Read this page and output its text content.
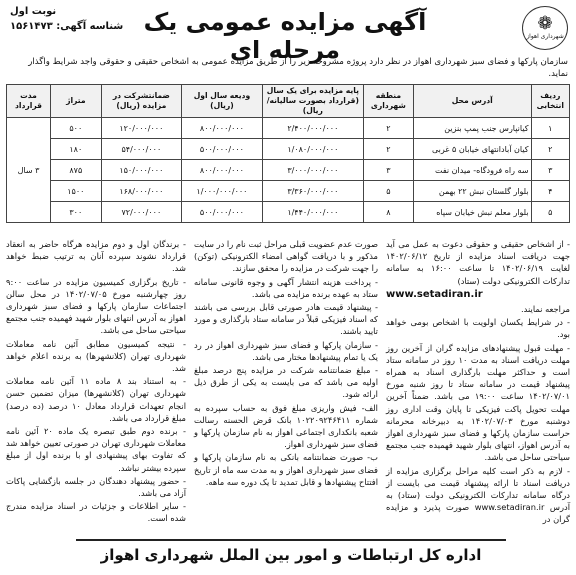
❁
شهرداری اهواز
آگهی مزایده عمومی یک مرحله ای
نوبت اول
شناسه آگهی: ۱۵۶۱۴۷۳
سازمان پارکها و فضای سبز شهرداری اهواز در نظر دارد پروژه مشروحه زیر را از طریق مزایده عمومی به اشخاص حقیقی و حقوقی واجد شرایط واگذار نماید.
ردیف انتخابی	آدرس محل	منطقه شهرداری	پایه مزایده برای یک سال (قرارداد بصورت سالیانه/ ریال)	ودیعه سال اول (ریال)	ضمانتشرکت در مزایده (ریال)	متراژ	مدت قرارداد
۱	کیانپارس جنب پمپ بنزین	۲	۲/۴۰۰/۰۰۰/۰۰۰	۸۰۰/۰۰۰/۰۰۰	۱۲۰/۰۰۰/۰۰۰	۵۰۰	۳ سال
۲	کیان آبادانتهای خیابان ۵ غربی	۲	۱/۰۸۰/۰۰۰/۰۰۰	۵۰۰/۰۰۰/۰۰۰	۵۴/۰۰۰/۰۰۰	۱۸۰	
۳	سه راه فرودگاه- میدان نفت	۳	۳/۰۰۰/۰۰۰/۰۰۰	۸۰۰/۰۰۰/۰۰۰	۱۵۰/۰۰۰/۰۰۰	۸۷۵	
۴	بلوار گلستان نبش ۲۲ بهمن	۵	۳/۳۶۰/۰۰۰/۰۰۰	۱/۰۰۰/۰۰۰/۰۰۰	۱۶۸/۰۰۰/۰۰۰	۱۵۰۰	
۵	بلوار معلم نبش خیابان سپاه	۸	۱/۴۴۰/۰۰۰/۰۰۰	۵۰۰/۰۰۰/۰۰۰	۷۲/۰۰۰/۰۰۰	۳۰۰	

- از اشخاص حقیقی و حقوقی دعوت به عمل می آید جهت دریافت اسناد مزایده از تاریخ ۱۴۰۲/۰۶/۱۲ لغایت ۱۴۰۲/۰۶/۱۹ تا ساعت ۱۶:۰۰ به سامانه تدارکات الکترونیکی دولت (ستاد)

www.setadiran.ir

مراجعه نمایند.

- در شرایط یکسان اولویت با اشخاص بومی خواهد بود.

- مهلت قبول پیشنهادهای مزایده گران از آخرین روز مهلت دریافت اسناد به مدت ۱۰ روز در سامانه ستاد است و حداکثر مهلت بارگذاری اسناد به همراه پیشنهاد قیمت در سامانه ستاد تا روز شنبه مورخ ۱۴۰۲/۰۷/۰۱ ساعت ۱۹:۰۰ می باشد. ضمناً آخرین مهلت تحویل پاکت فیزیکی تا پایان وقت اداری روز دوشنبه مورخ ۱۴۰۲/۰۷/۰۳ به دبیرخانه محرمانه حراست سازمان پارکها و فضای سبز شهرداری اهواز به آدرس اهواز، انتهای بلوار شهید فهمیده جنب مجتمع سیاحتی ساحل می باشد.

- لازم به ذکر است کلیه مراحل برگزاری مزایده از دریافت اسناد تا ارائه پیشنهاد قیمت می بایست از درگاه سامانه تدارکات الکترونیکی دولت (ستاد) به آدرس www.setadiran.ir صورت پذیرد و مزایده گران در

صورت عدم عضویت قبلی مراحل ثبت نام را در سایت مذکور و با دریافت گواهی امضاء الکترونیکی (توکن) را جهت شرکت در مزایده را محقق سازند.

- پرداخت هزینه انتشار آگهی و وجوه قانونی سامانه ستاد به عهده برنده مزایده می باشد.

- پیشنهاد قیمت هادر صورتی قابل بررسی می باشند که اسناد فیزیکی قبلاً در سامانه ستاد بارگذاری و مورد تایید باشند.

- سازمان پارکها و فضای سبز شهرداری اهواز در رد یک یا تمام پیشنهادها مختار می باشد.

- مبلغ ضمانتنامه شرکت در مزایده پنج درصد مبلغ اولیه می باشد که می بایست به یکی از طرق ذیل ارائه شود.

الف- فیش واریزی مبلغ فوق به حساب سپرده به شماره ۱۰۲۲۰۹۲۴۶۴۱۱ بانک قرض الحسنه رسالت شعبه بانکداری اجتماعی اهواز به نام سازمان پارکها و فضای سبز شهرداری اهواز.

ب- صورت ضمانتنامه بانکی به نام سازمان پارکها و فضای سبز شهرداری اهواز و به مدت سه ماه از تاریخ افتتاح پیشنهادها و قابل تمدید تا یک دوره سه ماهه.

- برندگان اول و دوم مزایده هرگاه حاضر به انعقاد قرارداد نشوند سپرده آنان به ترتیب ضبط خواهد شد.

- تاریخ برگزاری کمیسیون مزایده در ساعت ۹:۰۰ روز چهارشنبه مورخ ۱۴۰۲/۰۷/۰۵ در محل سالن اجتماعات سازمان پارکها و فضای سبز شهرداری اهواز به آدرس انتهای بلوار شهید فهمیده جنب مجتمع سیاحتی ساحل می باشد.

- نتیجه کمیسیون مطابق آئین نامه معاملات شهرداری تهران (کلانشهرها) به برنده اعلام خواهد شد.

- به استناد بند ۸ ماده ۱۱ آئین نامه معاملات شهرداری تهران (کلانشهرها) میزان تضمین حسن انجام تعهدات قرارداد معادل ۱۰ درصد (ده درصد) مبلغ قرارداد می باشد.

- برنده دوم طبق تبصره یک ماده ۲۰ آئین نامه معاملات شهرداری تهران در صورتی تعیین خواهد شد که تفاوت بهای پیشنهادی او با برنده اول از مبلغ سپرده بیشتر نباشد.

- حضور پیشنهاد دهندگان در جلسه بازگشایی پاکات آزاد می باشد.

- سایر اطلاعات و جزئیات در اسناد مزایده مندرج شده است.

اداره کل ارتباطات و امور بین الملل شهرداری اهواز
